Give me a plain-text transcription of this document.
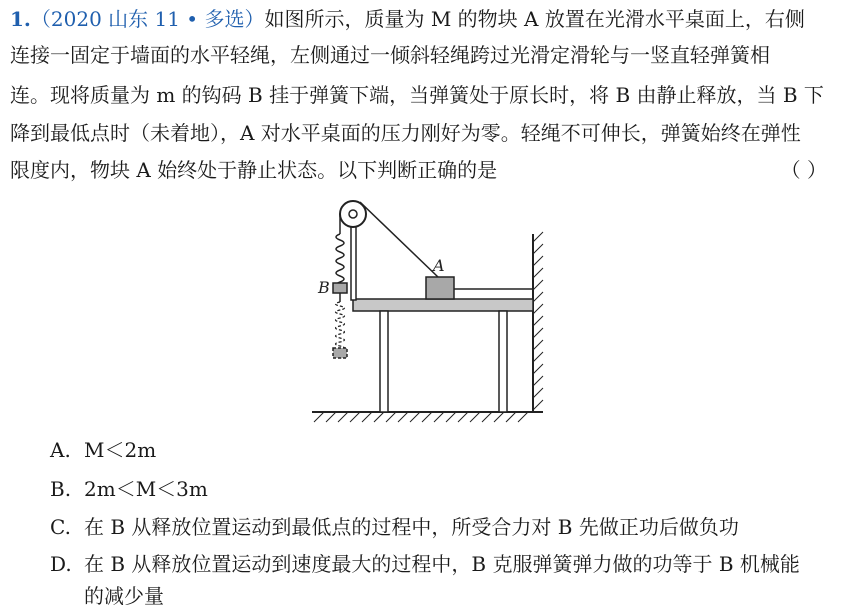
1.（2020 山东 11 • 多选）如图所示，质量为 M 的物块 A 放置在光滑水平桌面上，右侧
连接一固定于墙面的水平轻绳，左侧通过一倾斜轻绳跨过光滑定滑轮与一竖直轻弹簧相
连。现将质量为 m 的钩码 B 挂于弹簧下端，当弹簧处于原长时，将 B 由静止释放，当 B 下
降到最低点时（未着地），A 对水平桌面的压力刚好为零。轻绳不可伸长，弹簧始终在弹性
限度内，物块 A 始终处于静止状态。以下判断正确的是	（ ）
A
B
A. M＜2m
B. 2m＜M＜3m
C. 在 B 从释放位置运动到最低点的过程中，所受合力对 B 先做正功后做负功
D. 在 B 从释放位置运动到速度最大的过程中，B 克服弹簧弹力做的功等于 B 机械能
的减少量
